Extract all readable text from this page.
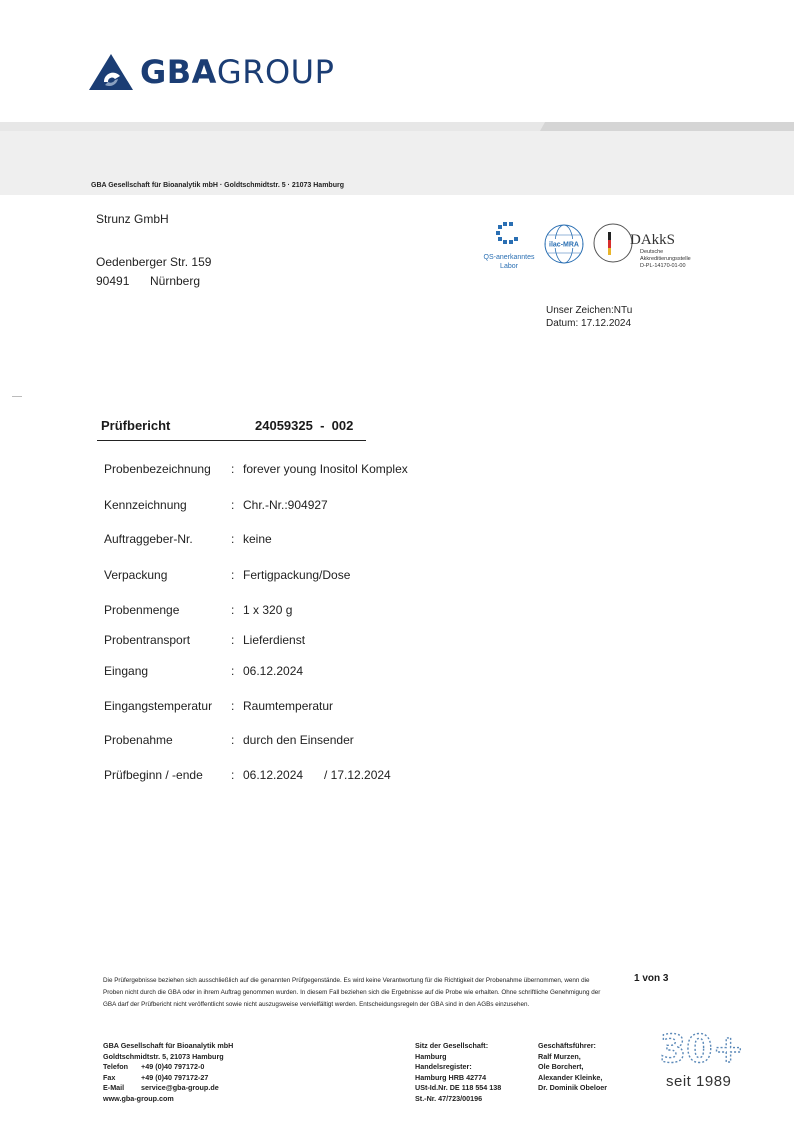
GBAGROUP
GBA Gesellschaft für Bioanalytik mbH · Goldtschmidtstr. 5 · 21073 Hamburg
Strunz GmbH
Oedenberger Str. 159
90491 Nürnberg
QS-anerkanntes
Labor
ilac-MRA	DAkkS
Deutsche
Akkreditierungsstelle
D-PL-14170-01-00
Unser Zeichen:NTu
Datum: 17.12.2024
Prüfbericht	24059325  -  002
Probenbezeichnung : forever young Inositol Komplex
Kennzeichnung	: Chr.-Nr.:904927
Auftraggeber-Nr.	: keine
Verpackung	: Fertigpackung/Dose
Probenmenge	: 1 x 320 g
Probentransport	: Lieferdienst
Eingang	: 06.12.2024
Eingangstemperatur : Raumtemperatur
Probenahme	: durch den Einsender
Prüfbeginn / -ende : 06.12.2024 / 17.12.2024
Die Prüfergebnisse beziehen sich ausschließlich auf die genannten Prüfgegenstände. Es wird keine Verantwortung für die Richtigkeit der Probenahme übernommen, wenn die Proben nicht durch die GBA oder in ihrem Auftrag genommen wurden. In diesem Fall beziehen sich die Ergebnisse auf die Probe wie erhalten. Ohne schriftliche Genehmigung der GBA darf der Prüfbericht nicht veröffentlicht sowie nicht auszugsweise vervielfältigt werden. Entscheidungsregeln der GBA sind in den AGBs einzusehen.
1 von 3
GBA Gesellschaft für Bioanalytik mbH
Goldtschmidtstr. 5, 21073 Hamburg
Telefon	+49 (0)40 797172-0
Fax	+49 (0)40 797172-27
E-Mail	service@gba-group.de
www.gba-group.com
Sitz der Gesellschaft:
Hamburg
Handelsregister:
Hamburg HRB 42774
USt-Id.Nr. DE 118 554 138
St.-Nr. 47/723/00196
Geschäftsführer:
Ralf Murzen,
Ole Borchert,
Alexander Kleinke,
Dr. Dominik Obeloer
30+
seit 1989
